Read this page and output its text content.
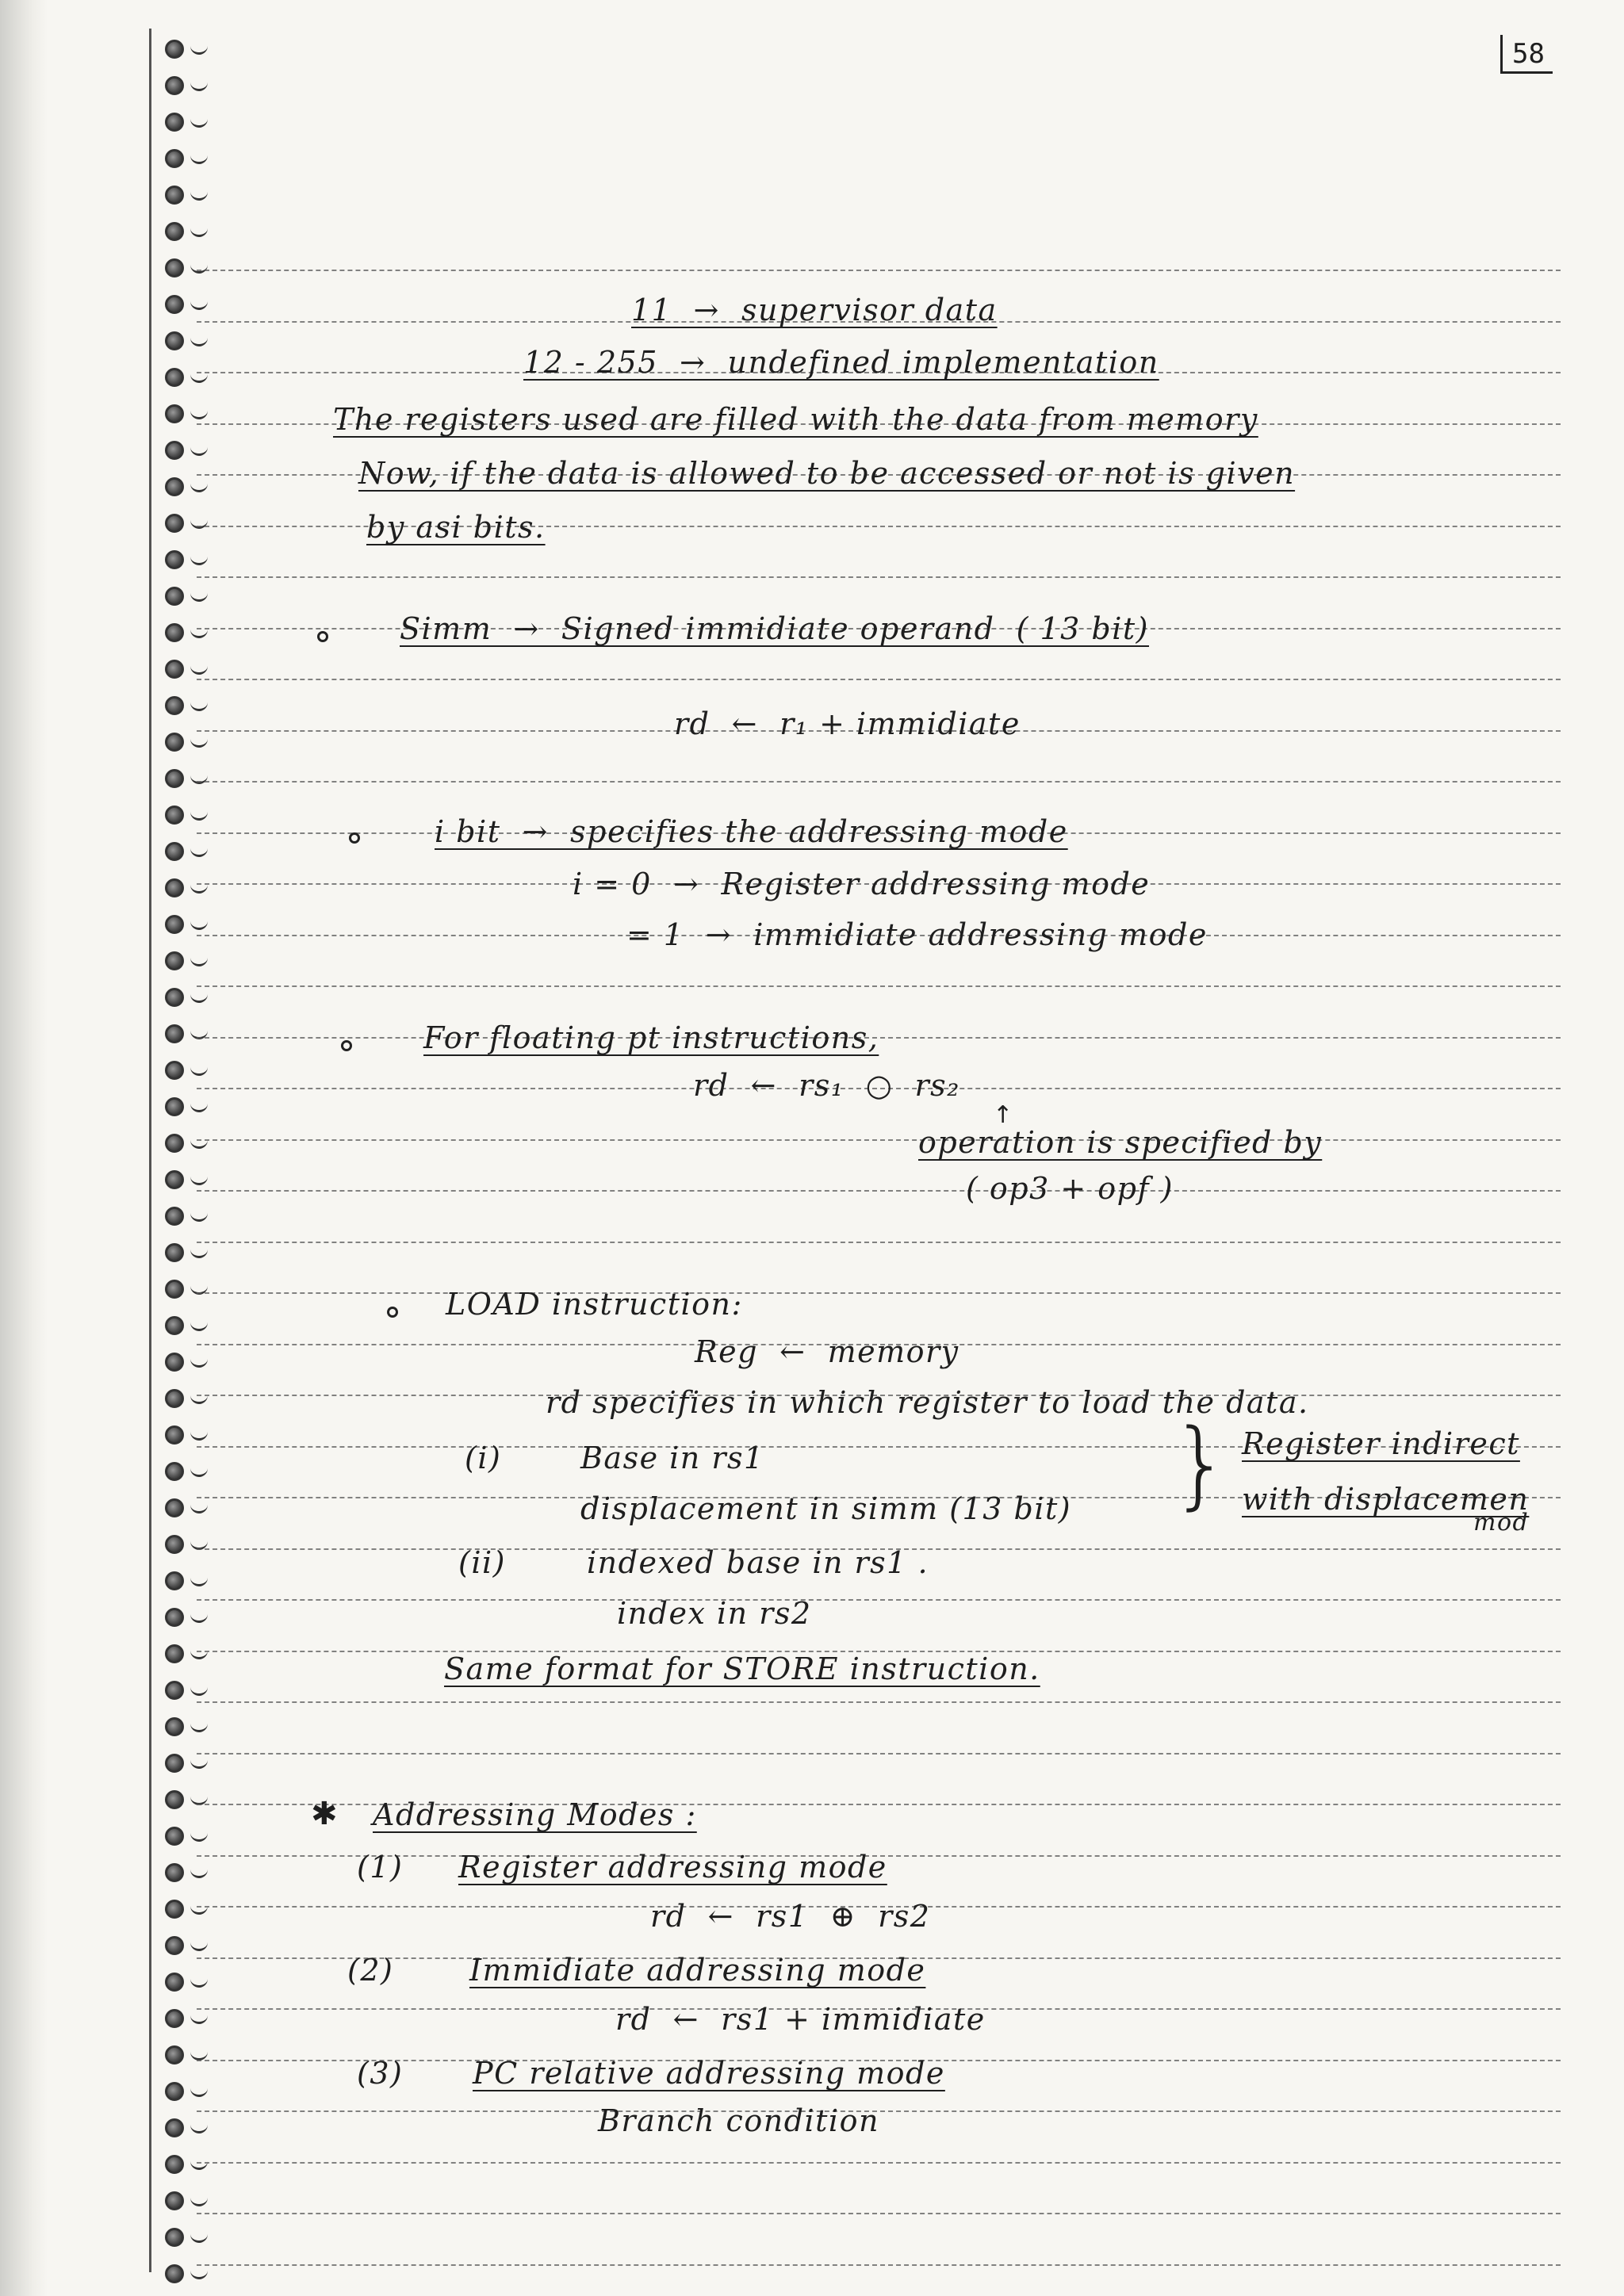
58
11  →  supervisor data
12 - 255  →  undefined implementation
The registers used are filled with the data from memory
Now, if the data is allowed to be accessed or not is given
by asi bits.
Simm  →  Signed immidiate operand  ( 13 bit)
rd  ←  r₁ + immidiate
i bit  →  specifies the addressing mode
i = 0  →  Register addressing mode
= 1  →  immidiate addressing mode
For floating pt instructions,
rd  ←  rs₁  ○  rs₂
↑
operation is specified by
( op3 + opf )
LOAD instruction:
Reg  ←  memory
rd specifies in which register to load the data.
(i)	Base in rs1
displacement in simm (13 bit) } Register indirect
with displacemen
mod
(ii)	indexed base in rs1 .
index in rs2
Same format for STORE instruction.
✱ Addressing Modes :
(1) Register addressing mode
rd  ←  rs1  ⊕  rs2
(2)	Immidiate addressing mode
rd  ←  rs1 + immidiate
(3) PC relative addressing mode
Branch condition
